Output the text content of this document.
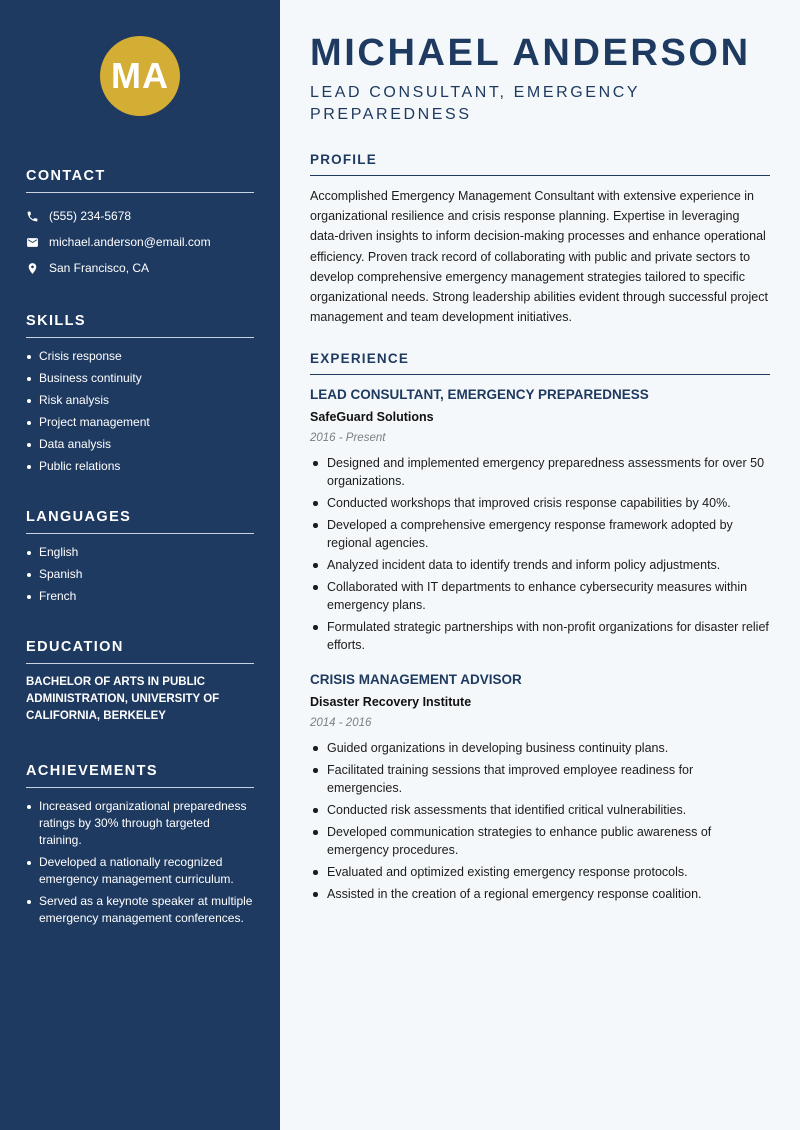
MA
CONTACT
(555) 234-5678
michael.anderson@email.com
San Francisco, CA
SKILLS
Crisis response
Business continuity
Risk analysis
Project management
Data analysis
Public relations
LANGUAGES
English
Spanish
French
EDUCATION
BACHELOR OF ARTS IN PUBLIC ADMINISTRATION, UNIVERSITY OF CALIFORNIA, BERKELEY
ACHIEVEMENTS
Increased organizational preparedness ratings by 30% through targeted training.
Developed a nationally recognized emergency management curriculum.
Served as a keynote speaker at multiple emergency management conferences.
MICHAEL ANDERSON
LEAD CONSULTANT, EMERGENCY PREPAREDNESS
PROFILE

Accomplished Emergency Management Consultant with extensive experience in organizational resilience and crisis response planning. Expertise in leveraging data-driven insights to inform decision-making processes and enhance operational efficiency. Proven track record of collaborating with public and private sectors to develop comprehensive emergency management strategies tailored to specific organizational needs. Strong leadership abilities evident through successful project management and team development initiatives.

EXPERIENCE
LEAD CONSULTANT, EMERGENCY PREPAREDNESS
SafeGuard Solutions
2016 - Present
Designed and implemented emergency preparedness assessments for over 50 organizations.
Conducted workshops that improved crisis response capabilities by 40%.
Developed a comprehensive emergency response framework adopted by regional agencies.
Analyzed incident data to identify trends and inform policy adjustments.
Collaborated with IT departments to enhance cybersecurity measures within emergency plans.
Formulated strategic partnerships with non-profit organizations for disaster relief efforts.
CRISIS MANAGEMENT ADVISOR
Disaster Recovery Institute
2014 - 2016
Guided organizations in developing business continuity plans.
Facilitated training sessions that improved employee readiness for emergencies.
Conducted risk assessments that identified critical vulnerabilities.
Developed communication strategies to enhance public awareness of emergency procedures.
Evaluated and optimized existing emergency response protocols.
Assisted in the creation of a regional emergency response coalition.
